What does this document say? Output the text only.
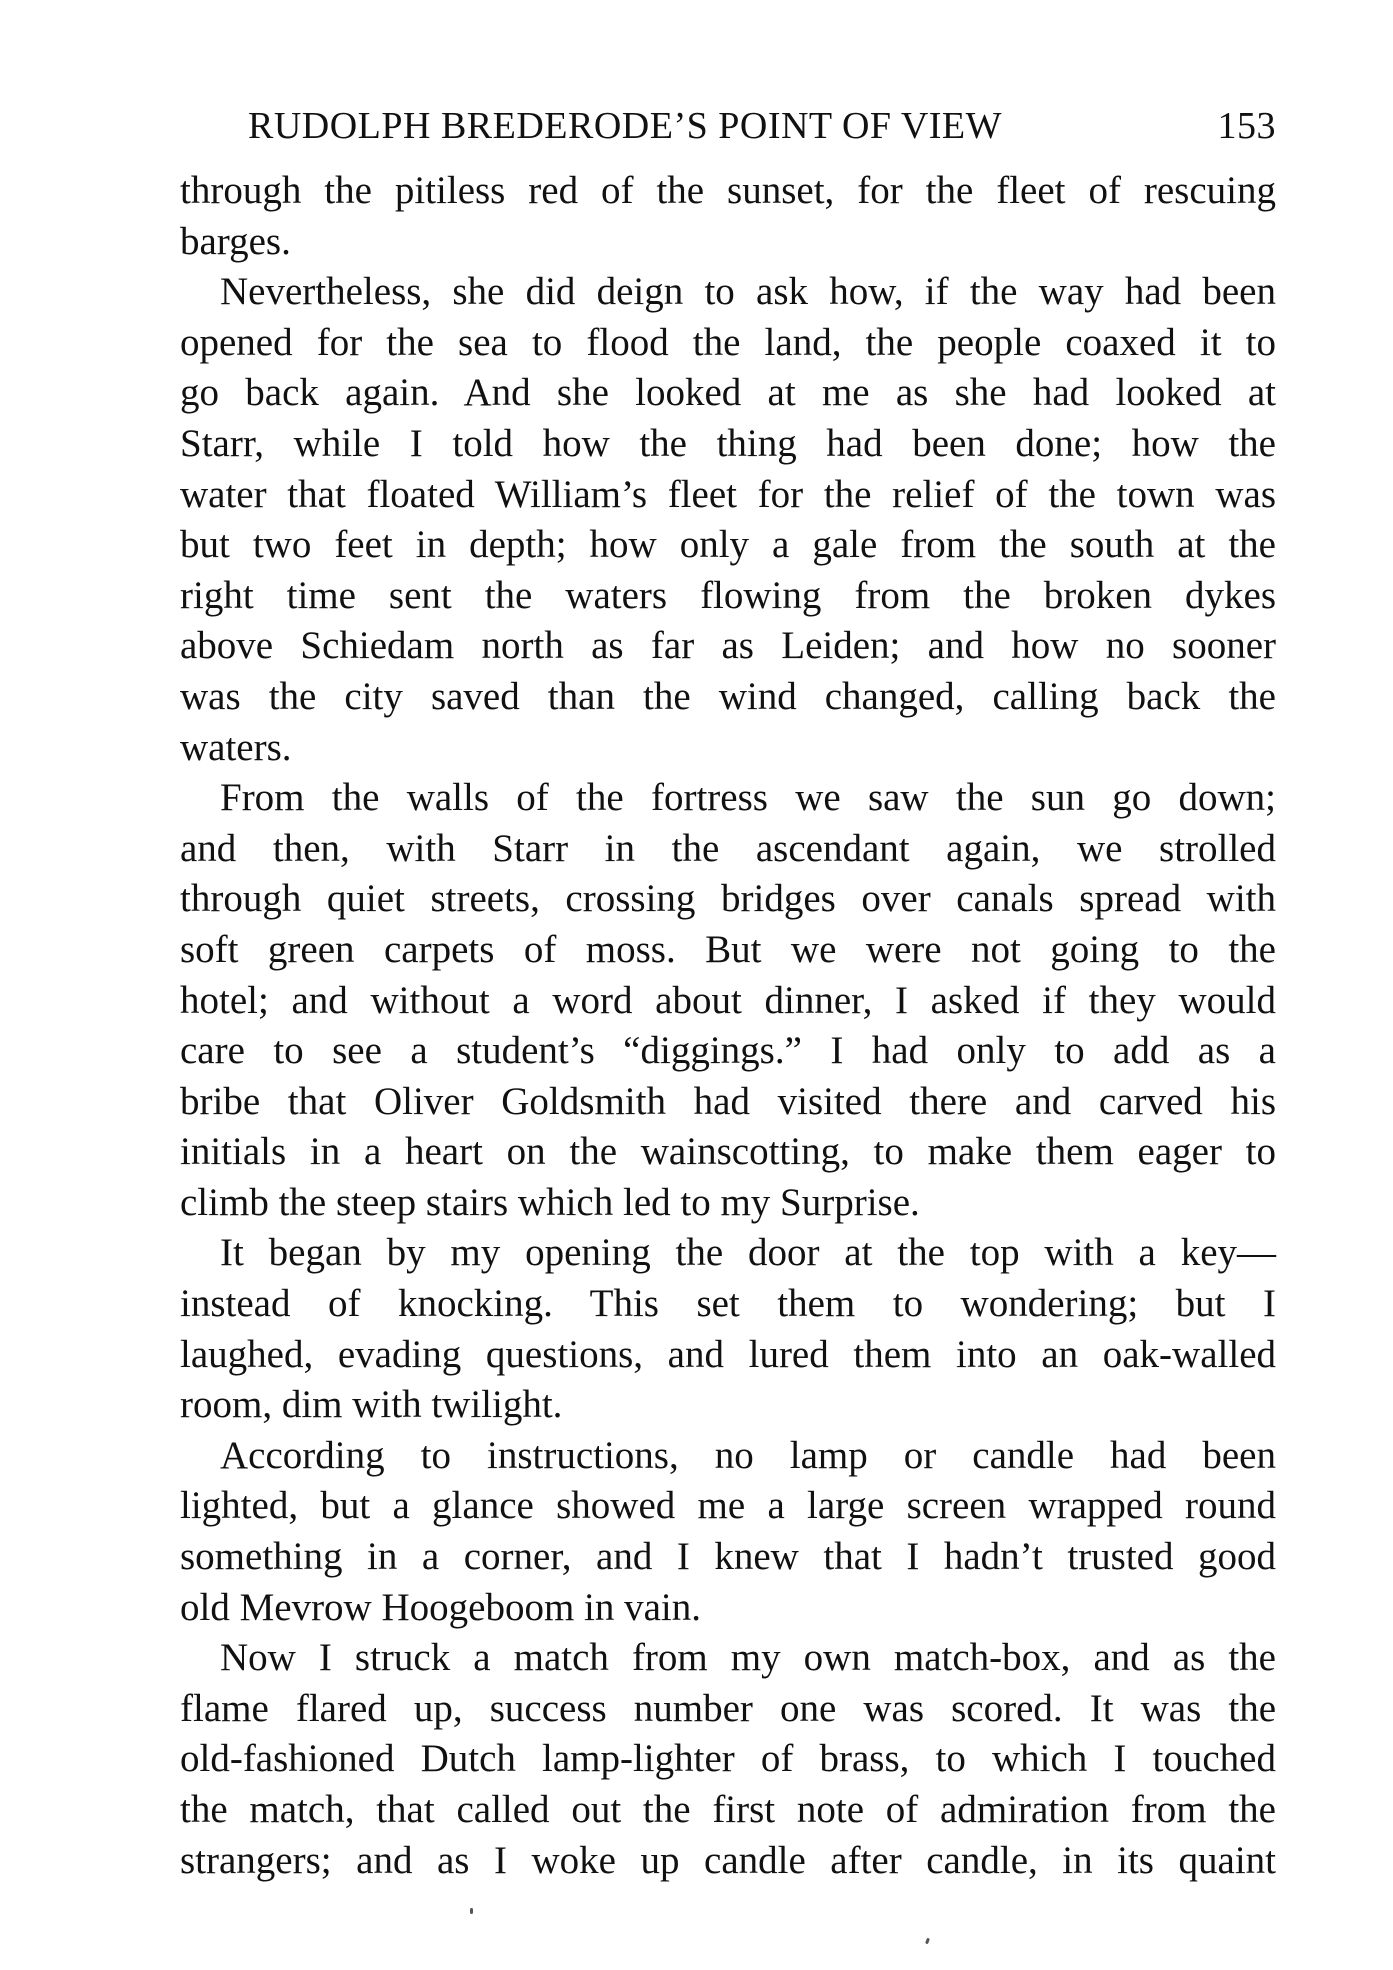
RUDOLPH BREDERODE’S POINT OF VIEW	153
through the pitiless red of the sunset, for the fleet of rescuing
barges.
Nevertheless, she did deign to ask how, if the way had been
opened for the sea to flood the land, the people coaxed it to
go back again. And she looked at me as she had looked at
Starr, while I told how the thing had been done; how the
water that floated William’s fleet for the relief of the town was
but two feet in depth; how only a gale from the south at the
right time sent the waters flowing from the broken dykes
above Schiedam north as far as Leiden; and how no sooner
was the city saved than the wind changed, calling back the
waters.
From the walls of the fortress we saw the sun go down;
and then, with Starr in the ascendant again, we strolled
through quiet streets, crossing bridges over canals spread with
soft green carpets of moss. But we were not going to the
hotel; and without a word about dinner, I asked if they would
care to see a student’s “diggings.” I had only to add as a
bribe that Oliver Goldsmith had visited there and carved his
initials in a heart on the wainscotting, to make them eager to
climb the steep stairs which led to my Surprise.
It began by my opening the door at the top with a key—
instead of knocking. This set them to wondering; but I
laughed, evading questions, and lured them into an oak-walled
room, dim with twilight.
According to instructions, no lamp or candle had been
lighted, but a glance showed me a large screen wrapped round
something in a corner, and I knew that I hadn’t trusted good
old Mevrow Hoogeboom in vain.
Now I struck a match from my own match-box, and as the
flame flared up, success number one was scored. It was the
old-fashioned Dutch lamp-lighter of brass, to which I touched
the match, that called out the first note of admiration from the
strangers; and as I woke up candle after candle, in its quaint
